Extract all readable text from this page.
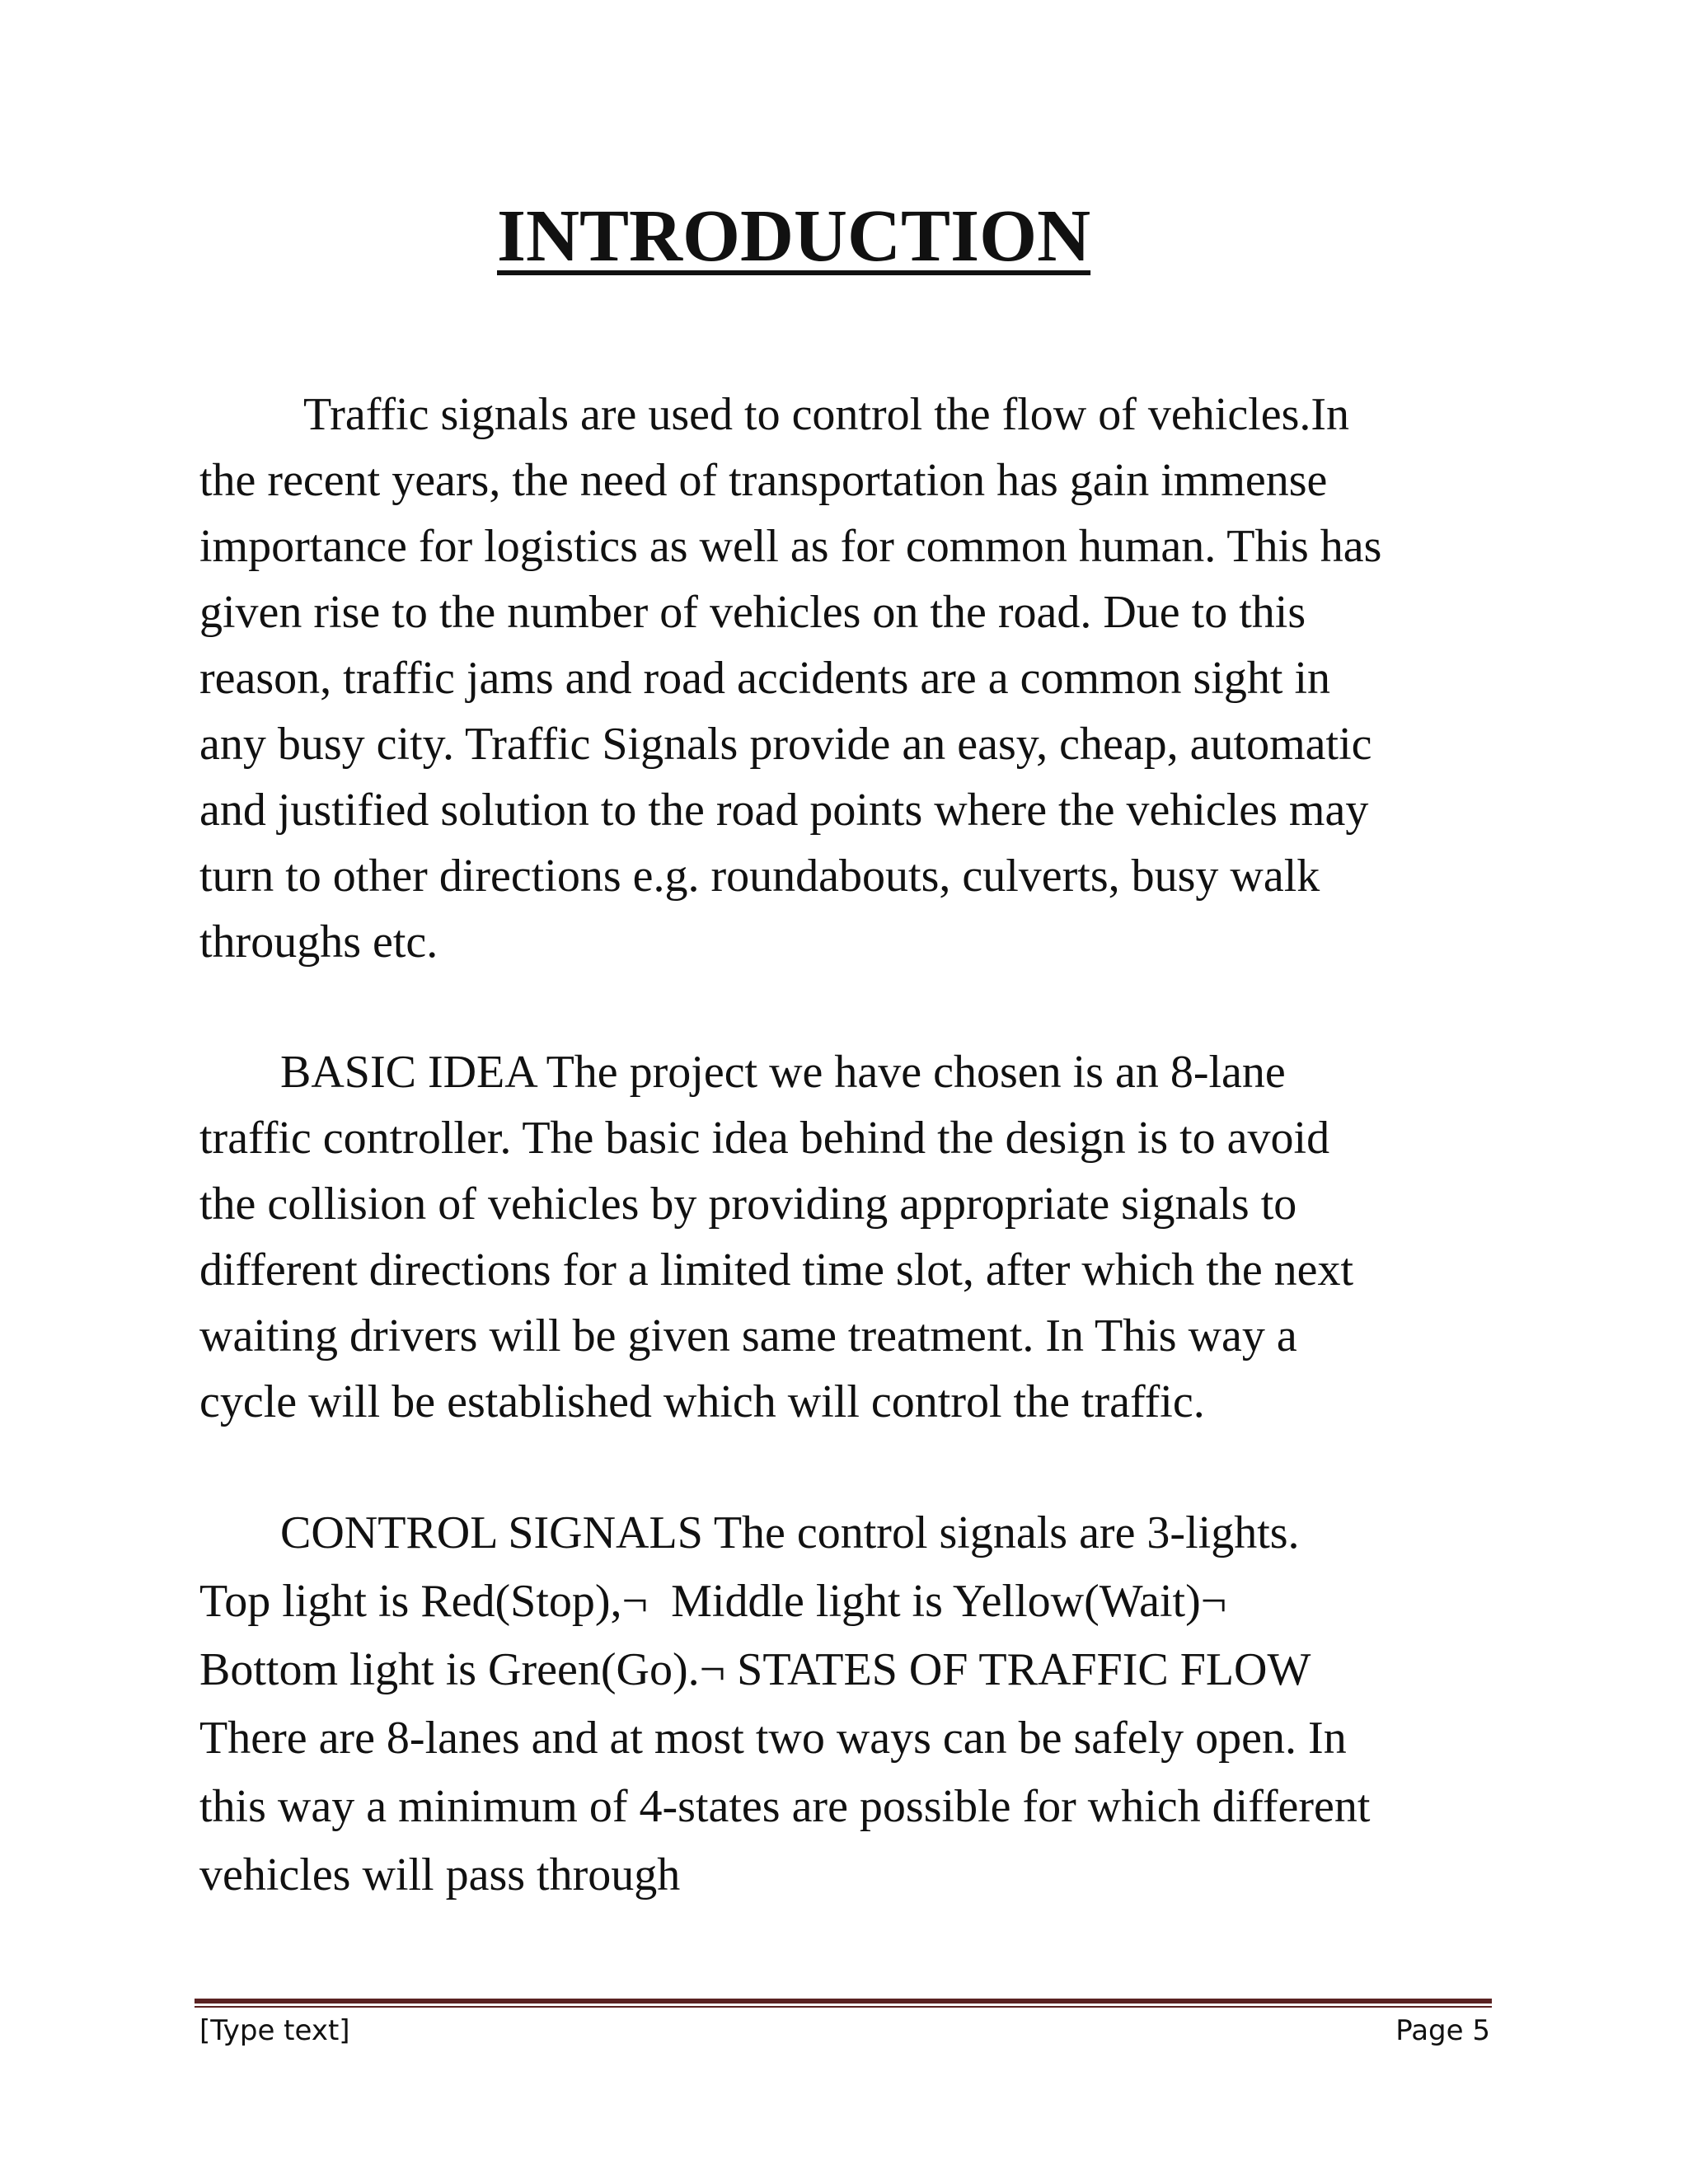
INTRODUCTION

Traffic signals are used to control the flow of vehicles.In
the recent years, the need of transportation has gain immense
importance for logistics as well as for common human. This has
given rise to the number of vehicles on the road. Due to this
reason, traffic jams and road accidents are a common sight in
any busy city. Traffic Signals provide an easy, cheap, automatic
and justified solution to the road points where the vehicles may
turn to other directions e.g. roundabouts, culverts, busy walk
throughs etc.

BASIC IDEA The project we have chosen is an 8-lane
traffic controller. The basic idea behind the design is to avoid
the collision of vehicles by providing appropriate signals to
different directions for a limited time slot, after which the next
waiting drivers will be given same treatment. In This way a
cycle will be established which will control the traffic.

CONTROL SIGNALS The control signals are 3-lights.
Top light is Red(Stop),¬  Middle light is Yellow(Wait)¬
Bottom light is Green(Go).¬ STATES OF TRAFFIC FLOW
There are 8-lanes and at most two ways can be safely open. In
this way a minimum of 4-states are possible for which different
vehicles will pass through

[Type text]	Page 5
